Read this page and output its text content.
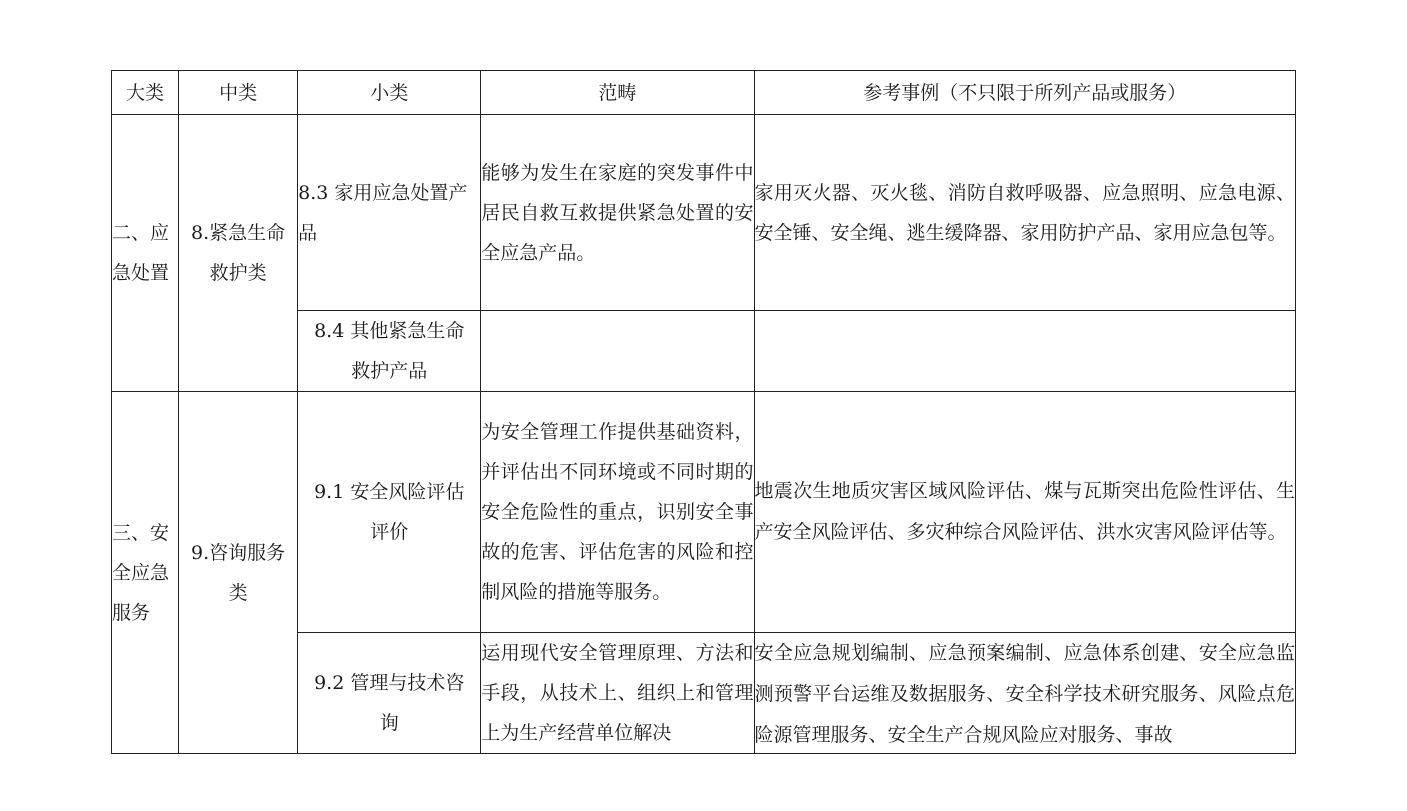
大类	中类	小类	范畴	参考事例（不只限于所列产品或服务）
二、应急处置	8.紧急生命救护类	8.3 家用应急处置产品	能够为发生在家庭的突发事件中居民自救互救提供紧急处置的安全应急产品。	家用灭火器、灭火毯、消防自救呼吸器、应急照明、应急电源、安全锤、安全绳、逃生缓降器、家用防护产品、家用应急包等。
		8.4 其他紧急生命救护产品		
三、安全应急服务	9.咨询服务类	9.1 安全风险评估评价	为安全管理工作提供基础资料，并评估出不同环境或不同时期的安全危险性的重点，识别安全事故的危害、评估危害的风险和控制风险的措施等服务。	地震次生地质灾害区域风险评估、煤与瓦斯突出危险性评估、生产安全风险评估、多灾种综合风险评估、洪水灾害风险评估等。
		9.2 管理与技术咨询	运用现代安全管理原理、方法和手段，从技术上、组织上和管理上为生产经营单位解决	安全应急规划编制、应急预案编制、应急体系创建、安全应急监测预警平台运维及数据服务、安全科学技术研究服务、风险点危险源管理服务、安全生产合规风险应对服务、事故
